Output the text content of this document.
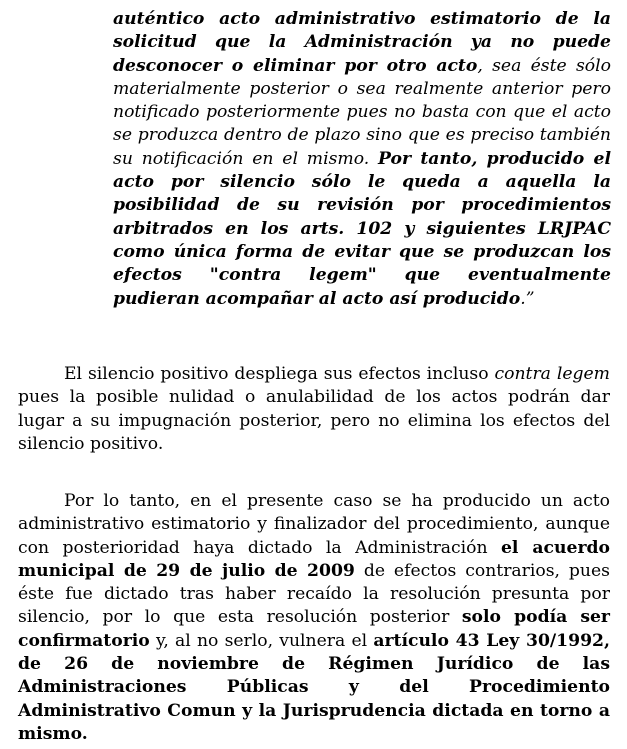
auténtico acto administrativo estimatorio de la solicitud que la Administración ya no puede desconocer o eliminar por otro acto, sea éste sólo materialmente posterior o sea realmente anterior pero notificado posteriormente pues no basta con que el acto se produzca dentro de plazo sino que es preciso también su notificación en el mismo. Por tanto, producido el acto por silencio sólo le queda a aquella la posibilidad de su revisión por procedimientos arbitrados en los arts. 102 y siguientes LRJPAC como única forma de evitar que se produzcan los efectos "contra legem" que eventualmente pudieran acompañar al acto así producido.”

El silencio positivo despliega sus efectos incluso contra legem pues la posible nulidad o anulabilidad de los actos podrán dar lugar a su impugnación posterior, pero no elimina los efectos del silencio positivo.

Por lo tanto, en el presente caso se ha producido un acto administrativo estimatorio y finalizador del procedimiento, aunque con posterioridad haya dictado la Administración el acuerdo municipal de 29 de julio de 2009 de efectos contrarios, pues éste fue dictado tras haber recaído la resolución presunta por silencio, por lo que esta resolución posterior solo podía ser confirmatorio y, al no serlo, vulnera el artículo 43 Ley 30/1992, de 26 de noviembre de Régimen Jurídico de las Administraciones Públicas y del Procedimiento Administrativo Comun y la Jurisprudencia dictada en torno a mismo.
